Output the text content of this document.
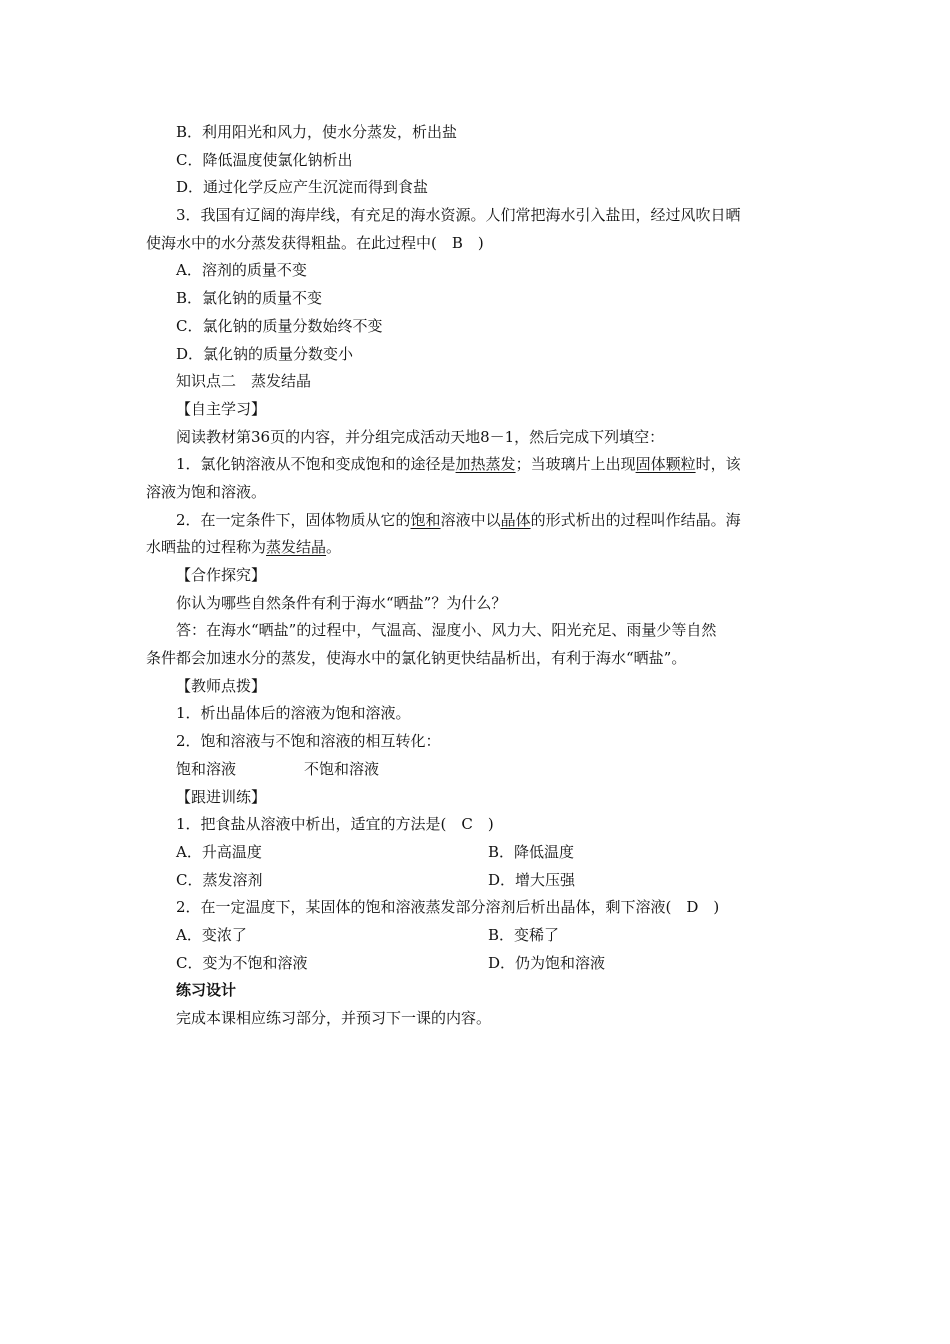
B．利用阳光和风力，使水分蒸发，析出盐
C．降低温度使氯化钠析出
D．通过化学反应产生沉淀而得到食盐
3．我国有辽阔的海岸线，有充足的海水资源。人们常把海水引入盐田，经过风吹日晒
使海水中的水分蒸发获得粗盐。在此过程中(　B　)
A．溶剂的质量不变
B．氯化钠的质量不变
C．氯化钠的质量分数始终不变
D．氯化钠的质量分数变小
知识点二　蒸发结晶
【自主学习】
阅读教材第36页的内容，并分组完成活动天地8－1，然后完成下列填空：
1．氯化钠溶液从不饱和变成饱和的途径是加热蒸发；当玻璃片上出现固体颗粒时，该
溶液为饱和溶液。
2．在一定条件下，固体物质从它的饱和溶液中以晶体的形式析出的过程叫作结晶。海
水晒盐的过程称为蒸发结晶。
【合作探究】
你认为哪些自然条件有利于海水“晒盐”？为什么？
答：在海水“晒盐”的过程中，气温高、湿度小、风力大、阳光充足、雨量少等自然
条件都会加速水分的蒸发，使海水中的氯化钠更快结晶析出，有利于海水“晒盐”。
【教师点拨】
1．析出晶体后的溶液为饱和溶液。
2．饱和溶液与不饱和溶液的相互转化：
饱和溶液	不饱和溶液
【跟进训练】
1．把食盐从溶液中析出，适宜的方法是(　C　)
A．升高温度	B．降低温度
C．蒸发溶剂	D．增大压强
2．在一定温度下，某固体的饱和溶液蒸发部分溶剂后析出晶体，剩下溶液(　D　)
A．变浓了	B．变稀了
C．变为不饱和溶液	D．仍为饱和溶液
练习设计
完成本课相应练习部分，并预习下一课的内容。
